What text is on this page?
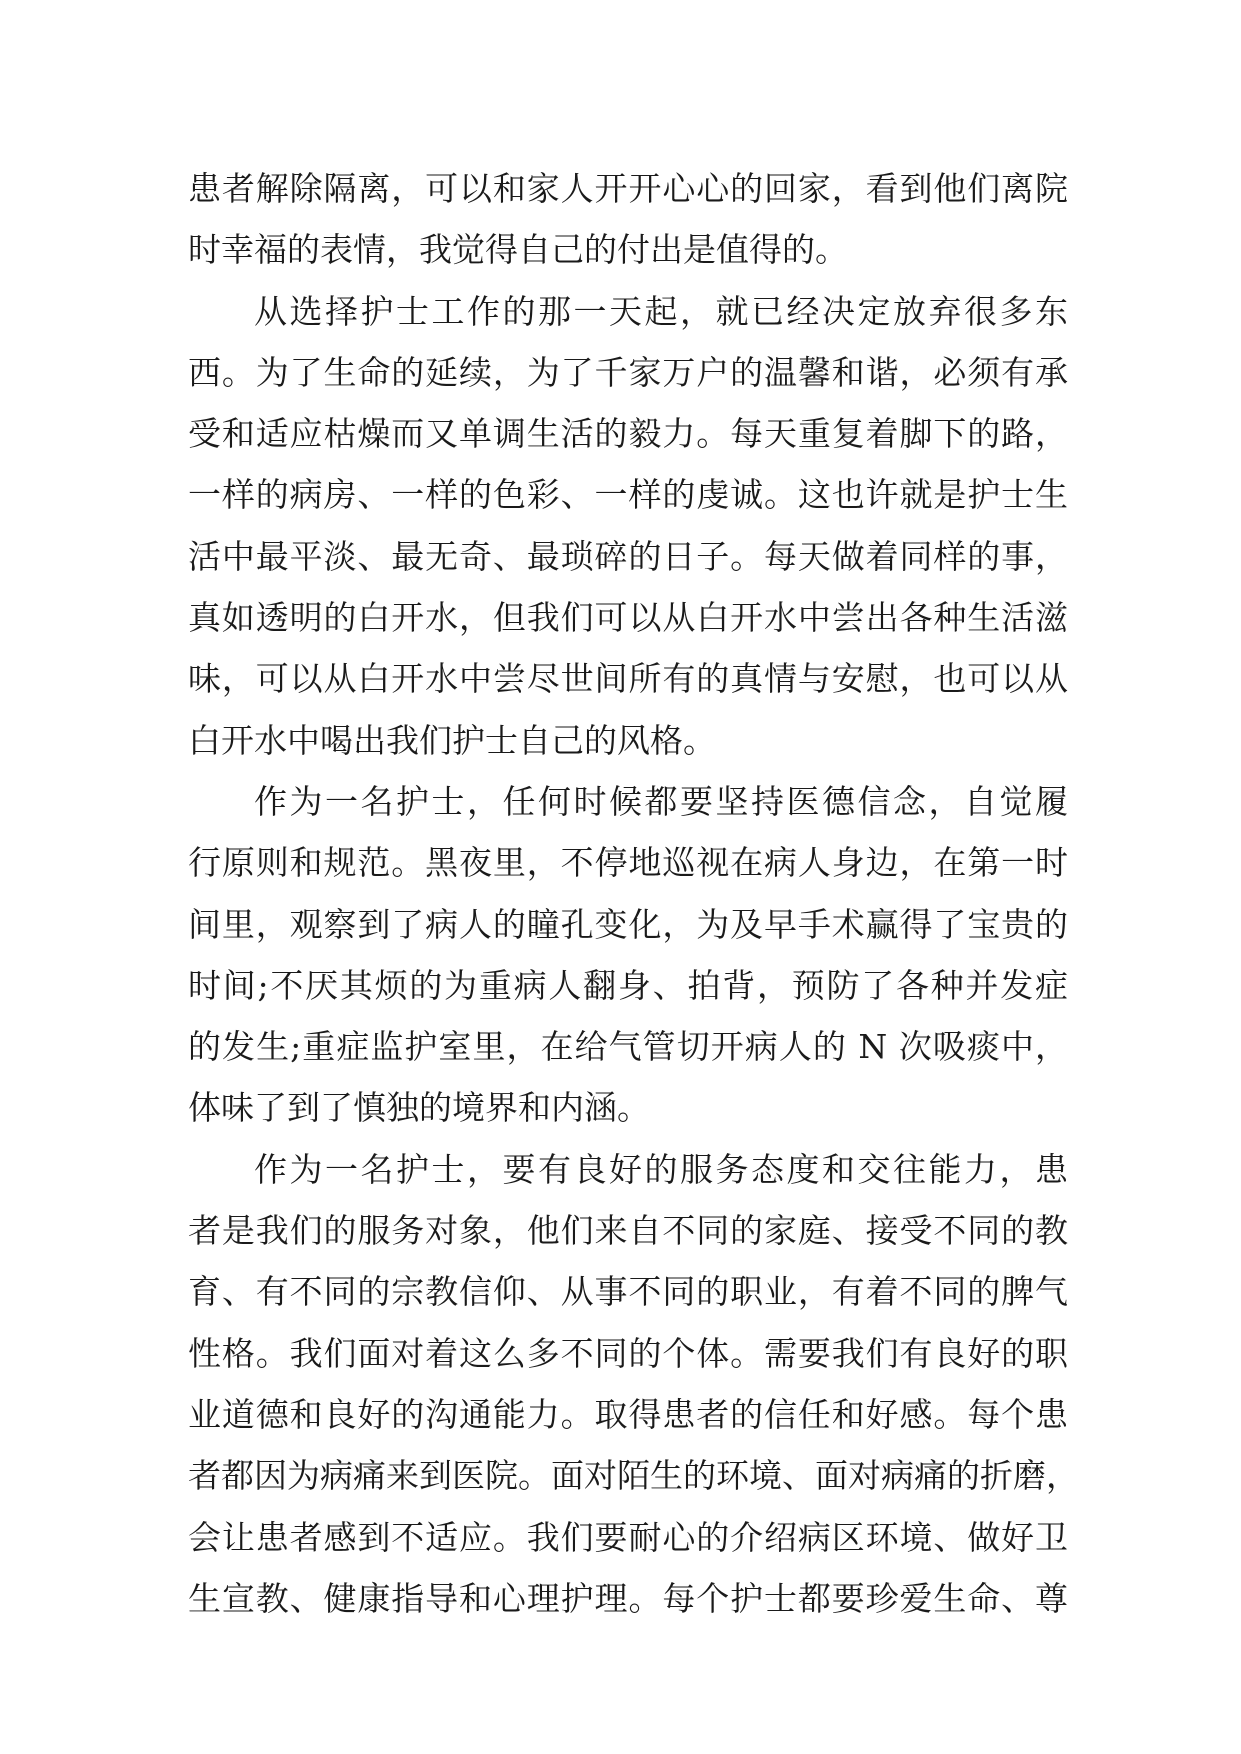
患者解除隔离，可以和家人开开心心的回家，看到他们离院
时幸福的表情，我觉得自己的付出是值得的。
从选择护士工作的那一天起，就已经决定放弃很多东
西。为了生命的延续，为了千家万户的温馨和谐，必须有承
受和适应枯燥而又单调生活的毅力。每天重复着脚下的路，
一样的病房、一样的色彩、一样的虔诚。这也许就是护士生
活中最平淡、最无奇、最琐碎的日子。每天做着同样的事，
真如透明的白开水，但我们可以从白开水中尝出各种生活滋
味，可以从白开水中尝尽世间所有的真情与安慰，也可以从
白开水中喝出我们护士自己的风格。
作为一名护士，任何时候都要坚持医德信念，自觉履
行原则和规范。黑夜里，不停地巡视在病人身边，在第一时
间里，观察到了病人的瞳孔变化，为及早手术赢得了宝贵的
时间;不厌其烦的为重病人翻身、拍背，预防了各种并发症
的发生;重症监护室里，在给气管切开病人的 N 次吸痰中，
体味了到了慎独的境界和内涵。
作为一名护士，要有良好的服务态度和交往能力，患
者是我们的服务对象，他们来自不同的家庭、接受不同的教
育、有不同的宗教信仰、从事不同的职业，有着不同的脾气
性格。我们面对着这么多不同的个体。需要我们有良好的职
业道德和良好的沟通能力。取得患者的信任和好感。每个患
者都因为病痛来到医院。面对陌生的环境、面对病痛的折磨，
会让患者感到不适应。我们要耐心的介绍病区环境、做好卫
生宣教、健康指导和心理护理。每个护士都要珍爱生命、尊
